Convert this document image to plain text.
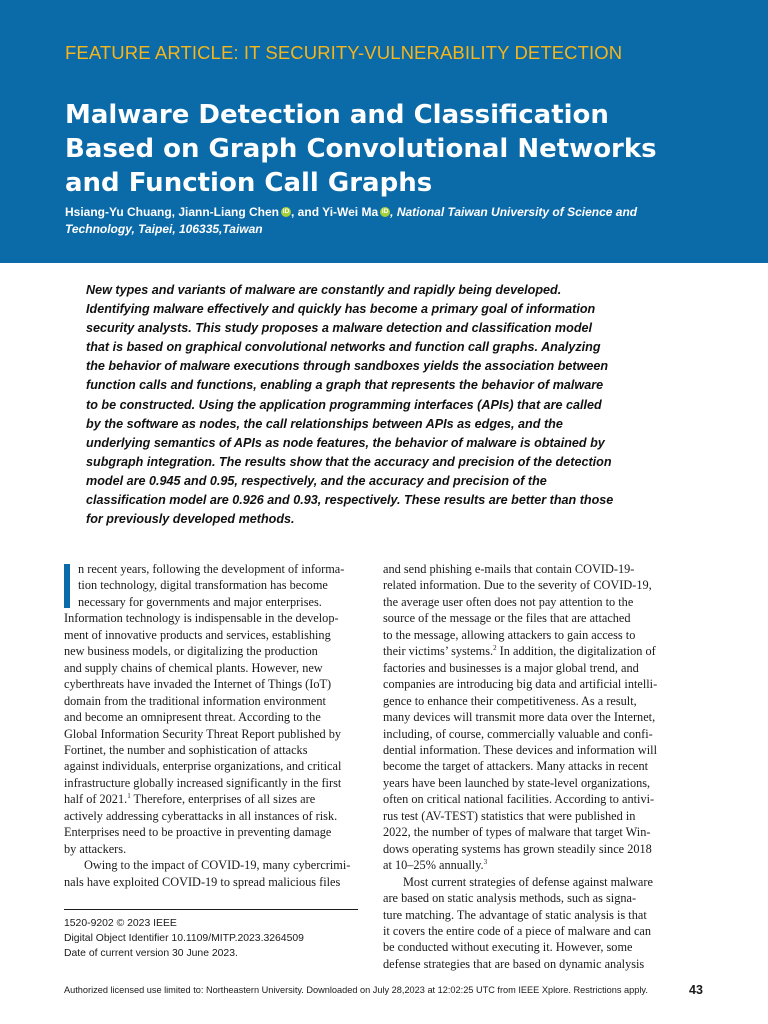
FEATURE ARTICLE: IT SECURITY-VULNERABILITY DETECTION
Malware Detection and Classification
Based on Graph Convolutional Networks
and Function Call Graphs
Hsiang-Yu Chuang, Jiann-Liang Chen iD , and Yi-Wei Ma iD , National Taiwan University of Science and
Technology, Taipei, 106335,Taiwan
New types and variants of malware are constantly and rapidly being developed.
Identifying malware effectively and quickly has become a primary goal of information
security analysts. This study proposes a malware detection and classification model
that is based on graphical convolutional networks and function call graphs. Analyzing
the behavior of malware executions through sandboxes yields the association between
function calls and functions, enabling a graph that represents the behavior of malware
to be constructed. Using the application programming interfaces (APIs) that are called
by the software as nodes, the call relationships between APIs as edges, and the
underlying semantics of APIs as node features, the behavior of malware is obtained by
subgraph integration. The results show that the accuracy and precision of the detection
model are 0.945 and 0.95, respectively, and the accuracy and precision of the
classification model are 0.926 and 0.93, respectively. These results are better than those
for previously developed methods.
n recent years, following the development of informa-
tion technology, digital transformation has become
necessary for governments and major enterprises.
Information technology is indispensable in the develop-
ment of innovative products and services, establishing
new business models, or digitalizing the production
and supply chains of chemical plants. However, new
cyberthreats have invaded the Internet of Things (IoT)
domain from the traditional information environment
and become an omnipresent threat. According to the
Global Information Security Threat Report published by
Fortinet, the number and sophistication of attacks
against individuals, enterprise organizations, and critical
infrastructure globally increased significantly in the first
half of 2021.$^1$ Therefore, enterprises of all sizes are
actively addressing cyberattacks in all instances of risk.
Enterprises need to be proactive in preventing damage
by attackers.
Owing to the impact of COVID-19, many cybercrimi-
nals have exploited COVID-19 to spread malicious files
and send phishing e-mails that contain COVID-19-
related information. Due to the severity of COVID-19,
the average user often does not pay attention to the
source of the message or the files that are attached
to the message, allowing attackers to gain access to
their victims’ systems.$^2$ In addition, the digitalization of
factories and businesses is a major global trend, and
companies are introducing big data and artificial intelli-
gence to enhance their competitiveness. As a result,
many devices will transmit more data over the Internet,
including, of course, commercially valuable and confi-
dential information. These devices and information will
become the target of attackers. Many attacks in recent
years have been launched by state-level organizations,
often on critical national facilities. According to antivi-
rus test (AV-TEST) statistics that were published in
2022, the number of types of malware that target Win-
dows operating systems has grown steadily since 2018
at 10–25% annually.$^3$
Most current strategies of defense against malware
are based on static analysis methods, such as signa-
ture matching. The advantage of static analysis is that
it covers the entire code of a piece of malware and can
be conducted without executing it. However, some
defense strategies that are based on dynamic analysis
1520-9202 © 2023 IEEE
Digital Object Identifier 10.1109/MITP.2023.3264509
Date of current version 30 June 2023.
Authorized licensed use limited to: Northeastern University. Downloaded on July 28,2023 at 12:02:25 UTC from IEEE Xplore. Restrictions apply.	43
